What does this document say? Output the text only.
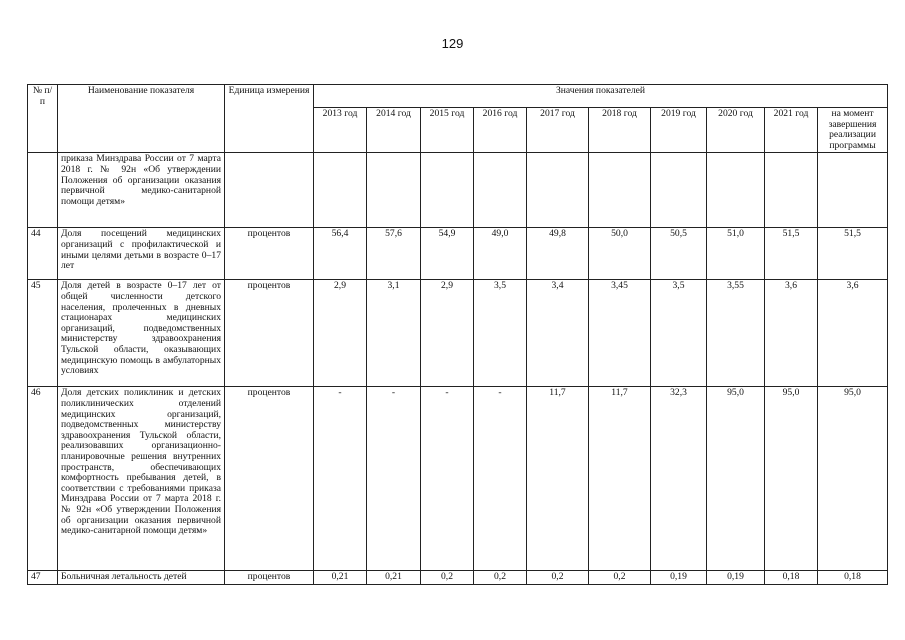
129
№ п/п	Наименование показателя	Единица измерения	Значения показателей									
			2013 год	2014 год	2015 год	2016 год	2017 год	2018 год	2019 год	2020 год	2021 год	на момент завершения реализации программы
	приказа Минздрава России от 7 марта 2018 г. № 92н «Об утверждении Положения об организации оказания первичной медико-санитарной помощи детям»											
44	Доля посещений медицинских организаций с профилактической и иными целями детьми в возрасте 0–17 лет	процентов	56,4	57,6	54,9	49,0	49,8	50,0	50,5	51,0	51,5	51,5
45	Доля детей в возрасте 0–17 лет от общей численности детского населения, пролеченных в дневных стационарах медицинских организаций, подведомственных министерству здравоохранения Тульской области, оказывающих медицинскую помощь в амбулаторных условиях	процентов	2,9	3,1	2,9	3,5	3,4	3,45	3,5	3,55	3,6	3,6
46	Доля детских поликлиник и детских поликлинических отделений медицинских организаций, подведомственных министерству здравоохранения Тульской области, реализовавших организационно-планировочные решения внутренних пространств, обеспечивающих комфортность пребывания детей, в соответствии с требованиями приказа Минздрава России от 7 марта 2018 г. № 92н «Об утверждении Положения об организации оказания первичной медико-санитарной помощи детям»	процентов	-	-	-	-	11,7	11,7	32,3	95,0	95,0	95,0
47	Больничная летальность детей	процентов	0,21	0,21	0,2	0,2	0,2	0,2	0,19	0,19	0,18	0,18
